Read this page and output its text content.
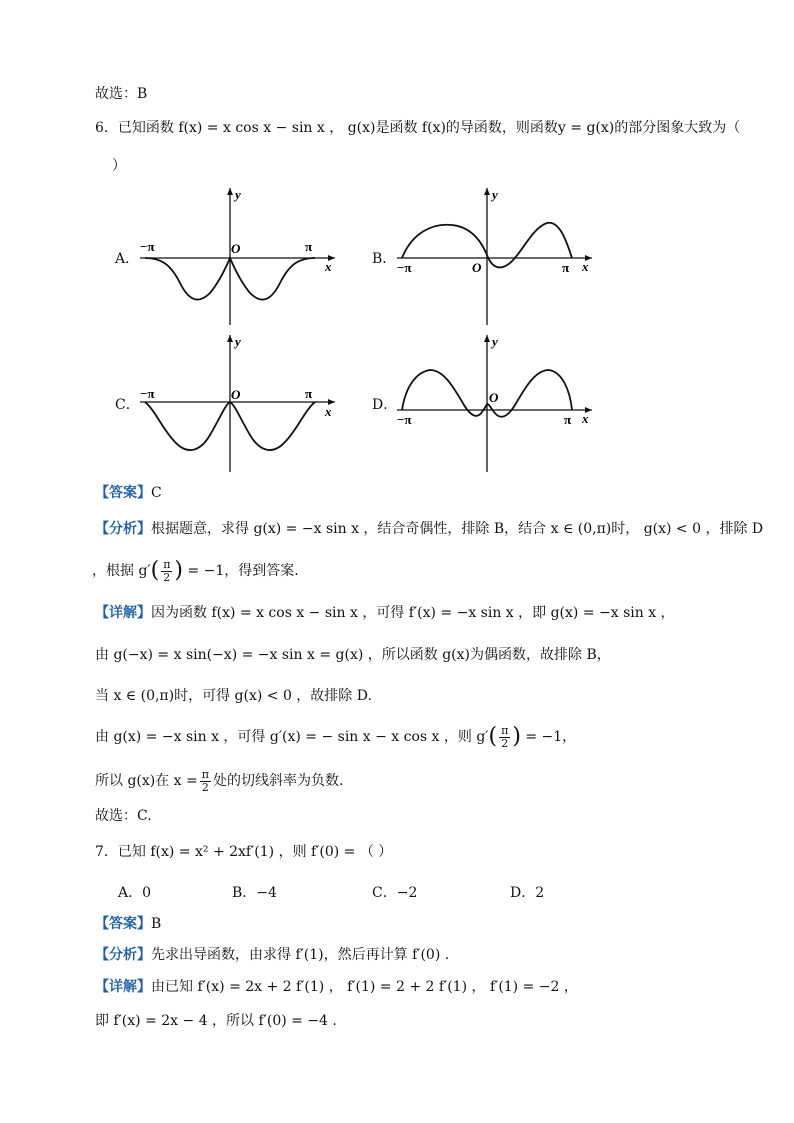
故选：B
6．已知函数 f(x) = x cos x − sin x ， g(x)是函数 f(x)的导函数，则函数y = g(x)的部分图象大致为（
）
A．
y
x
O
−π	π
B．
y
x
O
−π	π
C．
y
x
O
−π	π
D．
y
x
O
−π	π
【答案】C
【分析】根据题意，求得 g(x) = −x sin x ，结合奇偶性，排除 B，结合 x ∈ (0,π)时， g(x) < 0 ，排除 D
，根据 $g'( \frac{\pi}{2}$ ) = −1，得到答案.
【详解】因为函数 f(x) = x cos x − sin x ，可得 f′(x) = −x sin x ，即 g(x) = −x sin x ，
由 g(−x) = x sin(−x) = −x sin x = g(x) ，所以函数 g(x)为偶函数，故排除 B，
当 x ∈ (0,π)时，可得 g(x) < 0 ，故排除 D.
由 g(x) = −x sin x ，可得 g′(x) = − sin x − x cos x ，则 $g'( \frac{\pi}{2}$ ) = −1，
所以 g(x)在 $x = \frac{\pi}{2}$ 处的切线斜率为负数.
故选：C.
7．已知 f(x) = x² + 2xf′(1) ，则 f′(0) = （ ）
A．0	B．−4	C．−2	D．2
【答案】B
【分析】先求出导函数，由求得 f′(1)，然后再计算 f′(0) .
【详解】由已知 f′(x) = 2x + 2 f′(1) ， f′(1) = 2 + 2 f′(1) ， f′(1) = −2 ，
即 f′(x) = 2x − 4 ，所以 f′(0) = −4 .
